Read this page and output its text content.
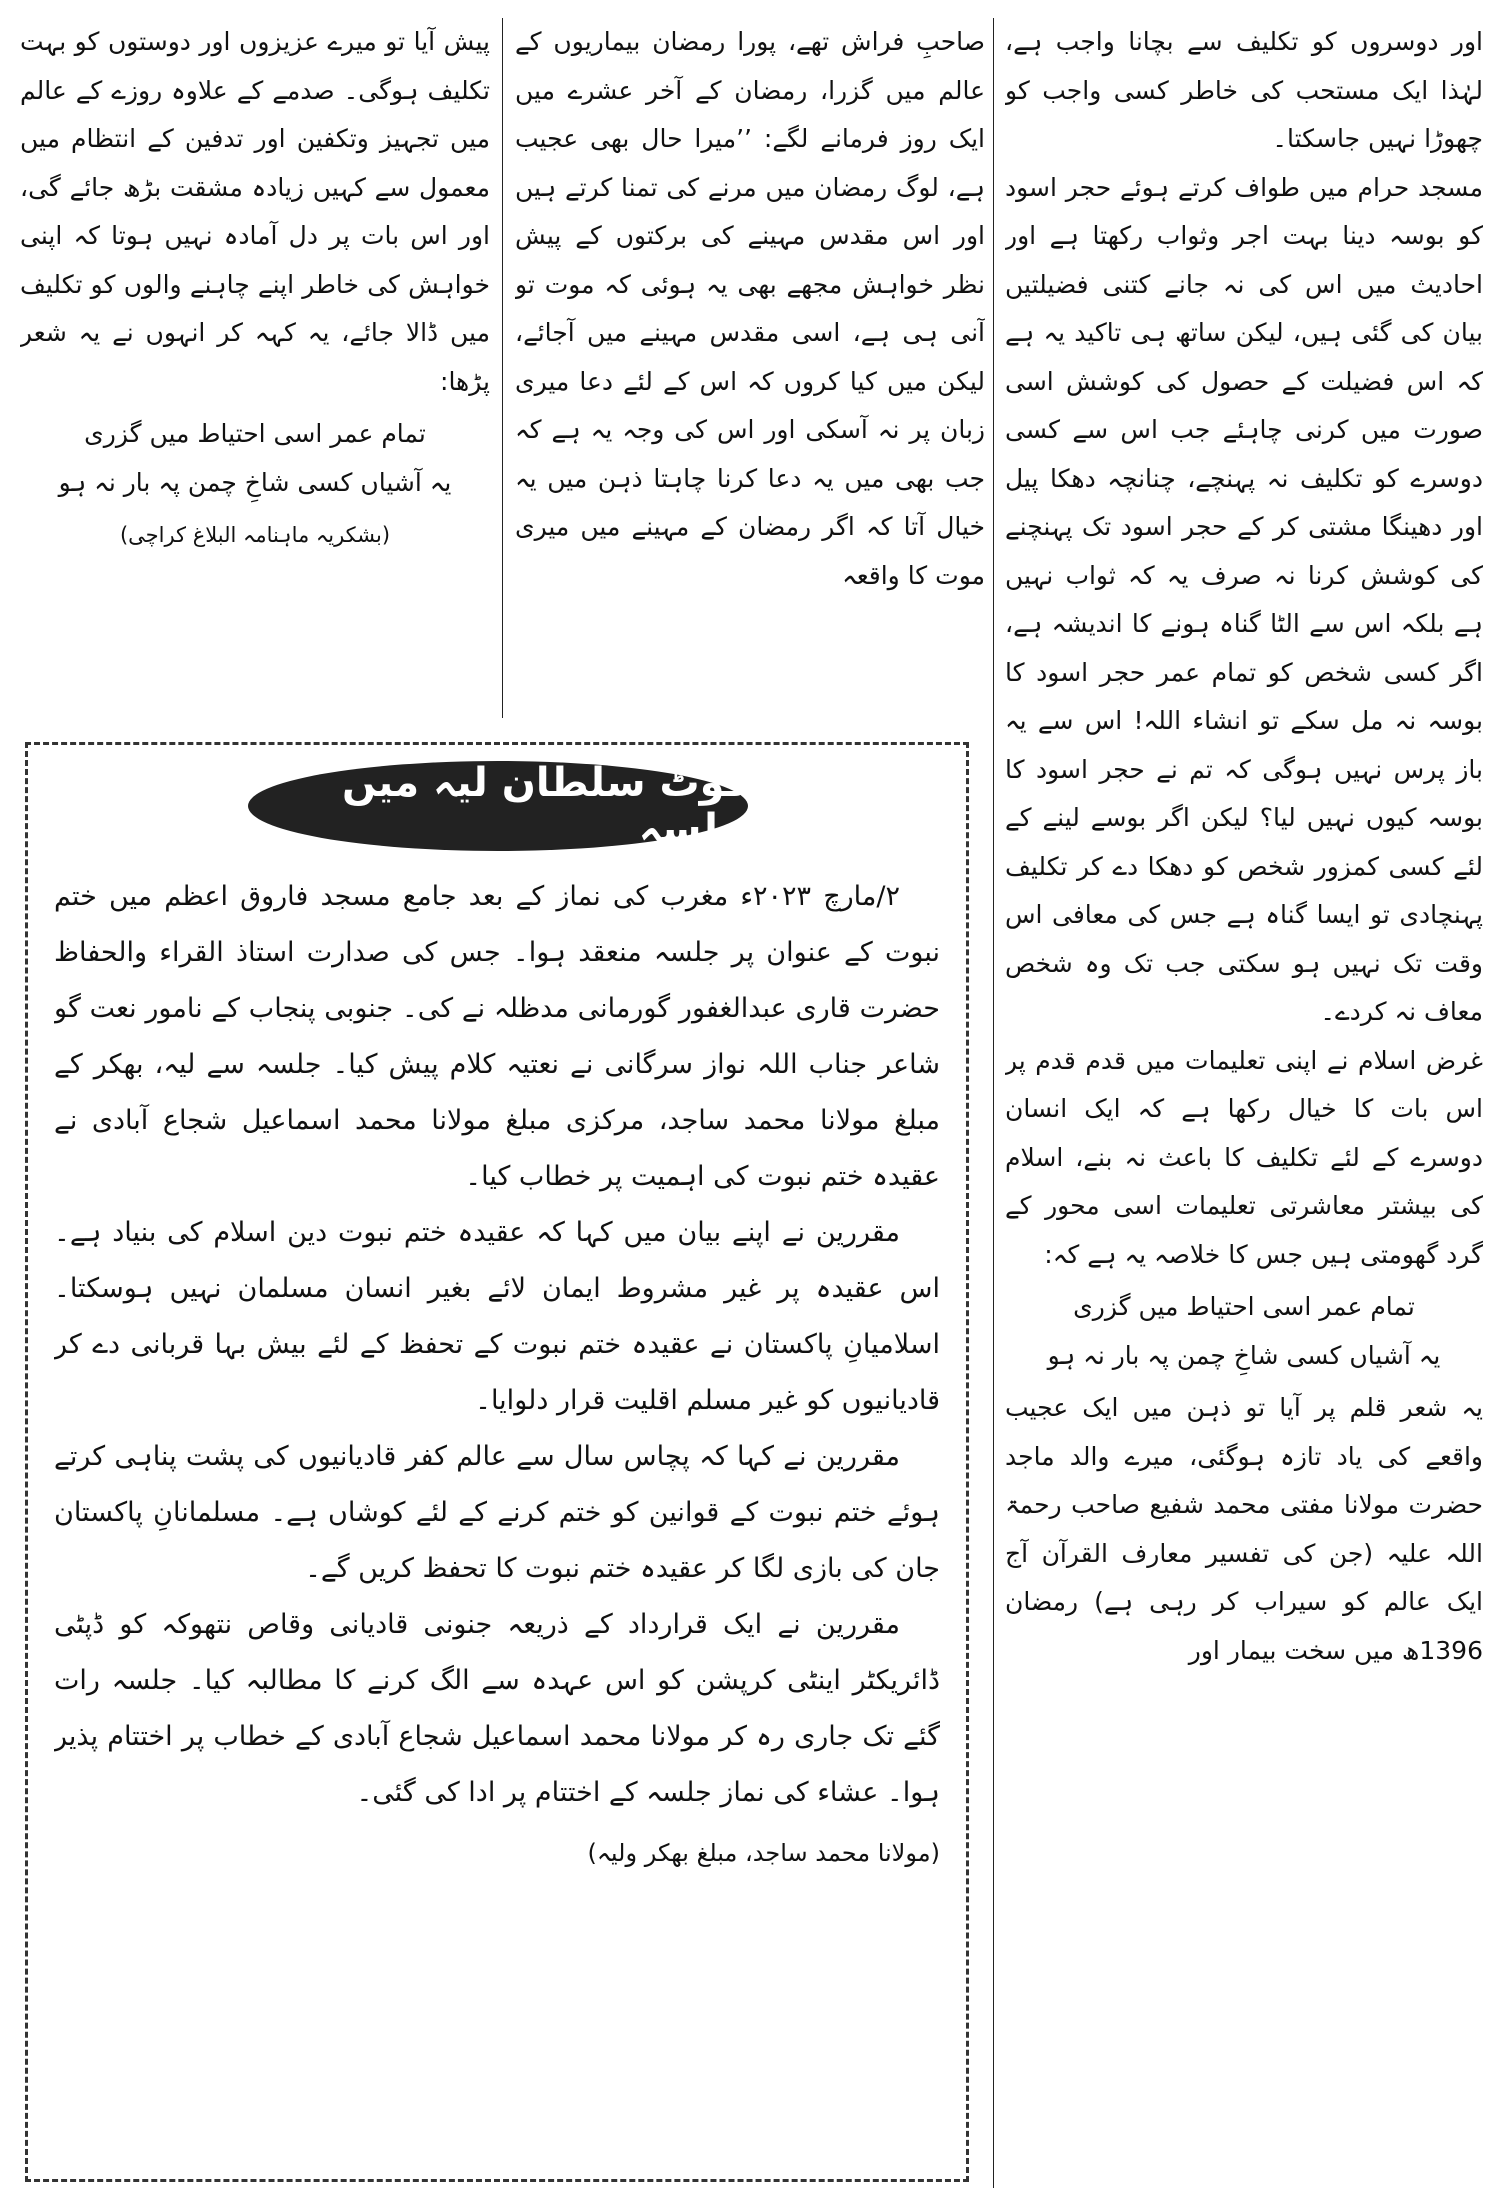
اور دوسروں کو تکلیف سے بچانا واجب ہے، لہٰذا ایک مستحب کی خاطر کسی واجب کو چھوڑا نہیں جاسکتا۔

مسجد حرام میں طواف کرتے ہوئے حجر اسود کو بوسہ دینا بہت اجر وثواب رکھتا ہے اور احادیث میں اس کی نہ جانے کتنی فضیلتیں بیان کی گئی ہیں، لیکن ساتھ ہی تاکید یہ ہے کہ اس فضیلت کے حصول کی کوشش اسی صورت میں کرنی چاہئے جب اس سے کسی دوسرے کو تکلیف نہ پہنچے، چنانچہ دھکا پیل اور دھینگا مشتی کر کے حجر اسود تک پہنچنے کی کوشش کرنا نہ صرف یہ کہ ثواب نہیں ہے بلکہ اس سے الٹا گناہ ہونے کا اندیشہ ہے، اگر کسی شخص کو تمام عمر حجر اسود کا بوسہ نہ مل سکے تو انشاء اللہ! اس سے یہ باز پرس نہیں ہوگی کہ تم نے حجر اسود کا بوسہ کیوں نہیں لیا؟ لیکن اگر بوسے لینے کے لئے کسی کمزور شخص کو دھکا دے کر تکلیف پہنچادی تو ایسا گناہ ہے جس کی معافی اس وقت تک نہیں ہو سکتی جب تک وہ شخص معاف نہ کردے۔

غرض اسلام نے اپنی تعلیمات میں قدم قدم پر اس بات کا خیال رکھا ہے کہ ایک انسان دوسرے کے لئے تکلیف کا باعث نہ بنے، اسلام کی بیشتر معاشرتی تعلیمات اسی محور کے گرد گھومتی ہیں جس کا خلاصہ یہ ہے کہ:

تمام عمر اسی احتیاط میں گزری
یہ آشیاں کسی شاخِ چمن پہ بار نہ ہو

یہ شعر قلم پر آیا تو ذہن میں ایک عجیب واقعے کی یاد تازہ ہوگئی، میرے والد ماجد حضرت مولانا مفتی محمد شفیع صاحب رحمۃ اللہ علیہ (جن کی تفسیر معارف القرآن آج ایک عالم کو سیراب کر رہی ہے) رمضان 1396ھ میں سخت بیمار اور

صاحبِ فراش تھے، پورا رمضان بیماریوں کے عالم میں گزرا، رمضان کے آخر عشرے میں ایک روز فرمانے لگے: ’’میرا حال بھی عجیب ہے، لوگ رمضان میں مرنے کی تمنا کرتے ہیں اور اس مقدس مہینے کی برکتوں کے پیش نظر خواہش مجھے بھی یہ ہوئی کہ موت تو آنی ہی ہے، اسی مقدس مہینے میں آجائے، لیکن میں کیا کروں کہ اس کے لئے دعا میری زبان پر نہ آسکی اور اس کی وجہ یہ ہے کہ جب بھی میں یہ دعا کرنا چاہتا ذہن میں یہ خیال آتا کہ اگر رمضان کے مہینے میں میری موت کا واقعہ

پیش آیا تو میرے عزیزوں اور دوستوں کو بہت تکلیف ہوگی۔ صدمے کے علاوہ روزے کے عالم میں تجہیز وتکفین اور تدفین کے انتظام میں معمول سے کہیں زیادہ مشقت بڑھ جائے گی، اور اس بات پر دل آمادہ نہیں ہوتا کہ اپنی خواہش کی خاطر اپنے چاہنے والوں کو تکلیف میں ڈالا جائے، یہ کہہ کر انہوں نے یہ شعر پڑھا:

تمام عمر اسی احتیاط میں گزری
یہ آشیاں کسی شاخِ چمن پہ بار نہ ہو

(بشکریہ ماہنامہ البلاغ کراچی)

کوٹ سلطان لیہ میں جلسہ

۲/مارچ ۲۰۲۳ء مغرب کی نماز کے بعد جامع مسجد فاروق اعظم میں ختم نبوت کے عنوان پر جلسہ منعقد ہوا۔ جس کی صدارت استاذ القراء والحفاظ حضرت قاری عبدالغفور گورمانی مدظلہ نے کی۔ جنوبی پنجاب کے نامور نعت گو شاعر جناب اللہ نواز سرگانی نے نعتیہ کلام پیش کیا۔ جلسہ سے لیہ، بھکر کے مبلغ مولانا محمد ساجد، مرکزی مبلغ مولانا محمد اسماعیل شجاع آبادی نے عقیدہ ختم نبوت کی اہمیت پر خطاب کیا۔

مقررین نے اپنے بیان میں کہا کہ عقیدہ ختم نبوت دین اسلام کی بنیاد ہے۔ اس عقیدہ پر غیر مشروط ایمان لائے بغیر انسان مسلمان نہیں ہوسکتا۔ اسلامیانِ پاکستان نے عقیدہ ختم نبوت کے تحفظ کے لئے بیش بہا قربانی دے کر قادیانیوں کو غیر مسلم اقلیت قرار دلوایا۔

مقررین نے کہا کہ پچاس سال سے عالم کفر قادیانیوں کی پشت پناہی کرتے ہوئے ختم نبوت کے قوانین کو ختم کرنے کے لئے کوشاں ہے۔ مسلمانانِ پاکستان جان کی بازی لگا کر عقیدہ ختم نبوت کا تحفظ کریں گے۔

مقررین نے ایک قرارداد کے ذریعہ جنونی قادیانی وقاص نتھوکہ کو ڈپٹی ڈائریکٹر اینٹی کرپشن کو اس عہدہ سے الگ کرنے کا مطالبہ کیا۔ جلسہ رات گئے تک جاری رہ کر مولانا محمد اسماعیل شجاع آبادی کے خطاب پر اختتام پذیر ہوا۔ عشاء کی نماز جلسہ کے اختتام پر ادا کی گئی۔

(مولانا محمد ساجد، مبلغ بھکر ولیہ)
